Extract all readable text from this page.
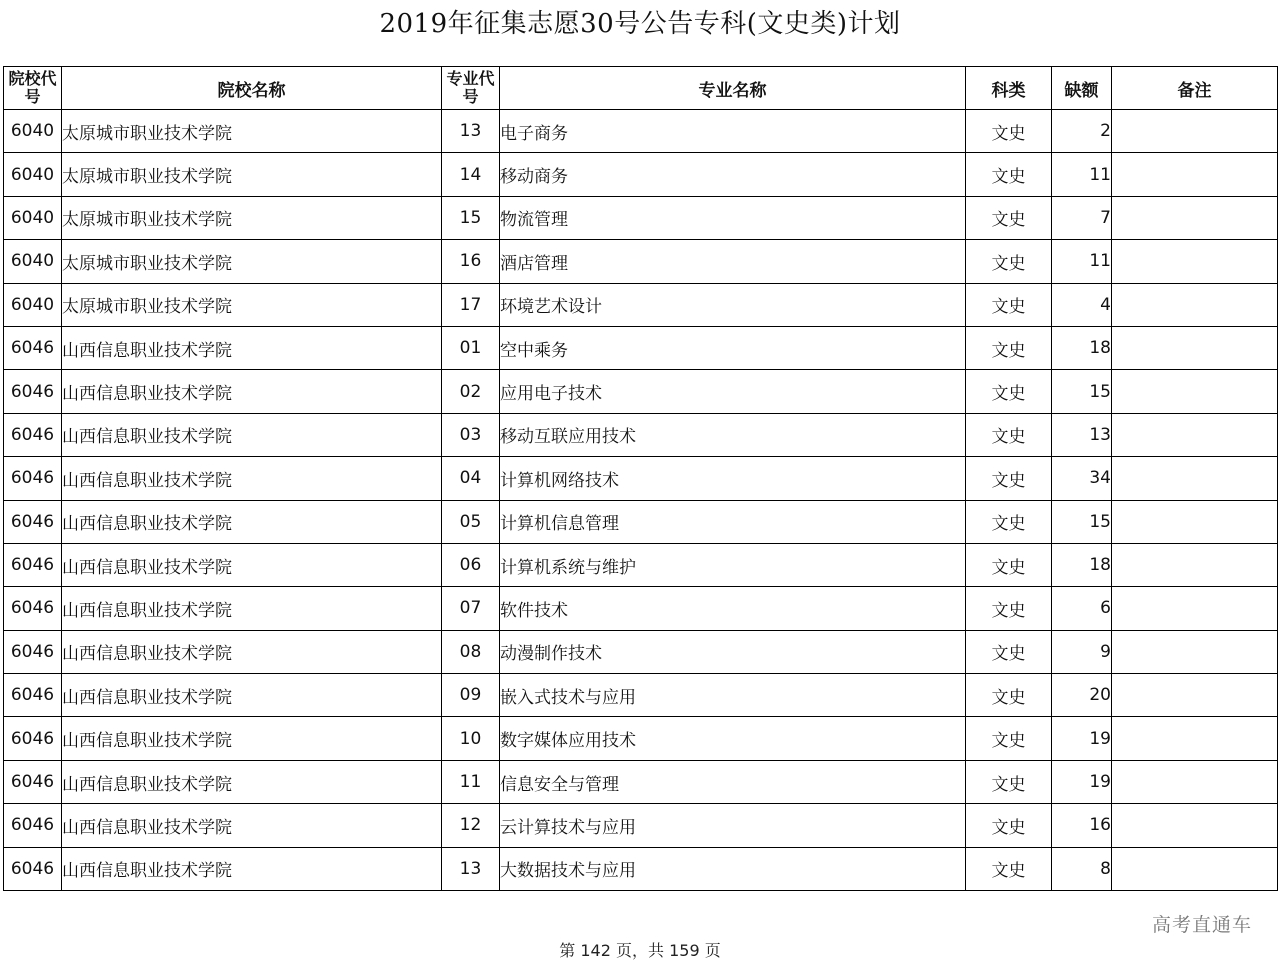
2019年征集志愿30号公告专科(文史类)计划
院校代号	院校名称	专业代号	专业名称	科类	缺额	备注
6040	太原城市职业技术学院	13	电子商务	文史	2	
6040	太原城市职业技术学院	14	移动商务	文史	11	
6040	太原城市职业技术学院	15	物流管理	文史	7	
6040	太原城市职业技术学院	16	酒店管理	文史	11	
6040	太原城市职业技术学院	17	环境艺术设计	文史	4	
6046	山西信息职业技术学院	01	空中乘务	文史	18	
6046	山西信息职业技术学院	02	应用电子技术	文史	15	
6046	山西信息职业技术学院	03	移动互联应用技术	文史	13	
6046	山西信息职业技术学院	04	计算机网络技术	文史	34	
6046	山西信息职业技术学院	05	计算机信息管理	文史	15	
6046	山西信息职业技术学院	06	计算机系统与维护	文史	18	
6046	山西信息职业技术学院	07	软件技术	文史	6	
6046	山西信息职业技术学院	08	动漫制作技术	文史	9	
6046	山西信息职业技术学院	09	嵌入式技术与应用	文史	20	
6046	山西信息职业技术学院	10	数字媒体应用技术	文史	19	
6046	山西信息职业技术学院	11	信息安全与管理	文史	19	
6046	山西信息职业技术学院	12	云计算技术与应用	文史	16	
6046	山西信息职业技术学院	13	大数据技术与应用	文史	8	
高考直通车
第 142 页，共 159 页
